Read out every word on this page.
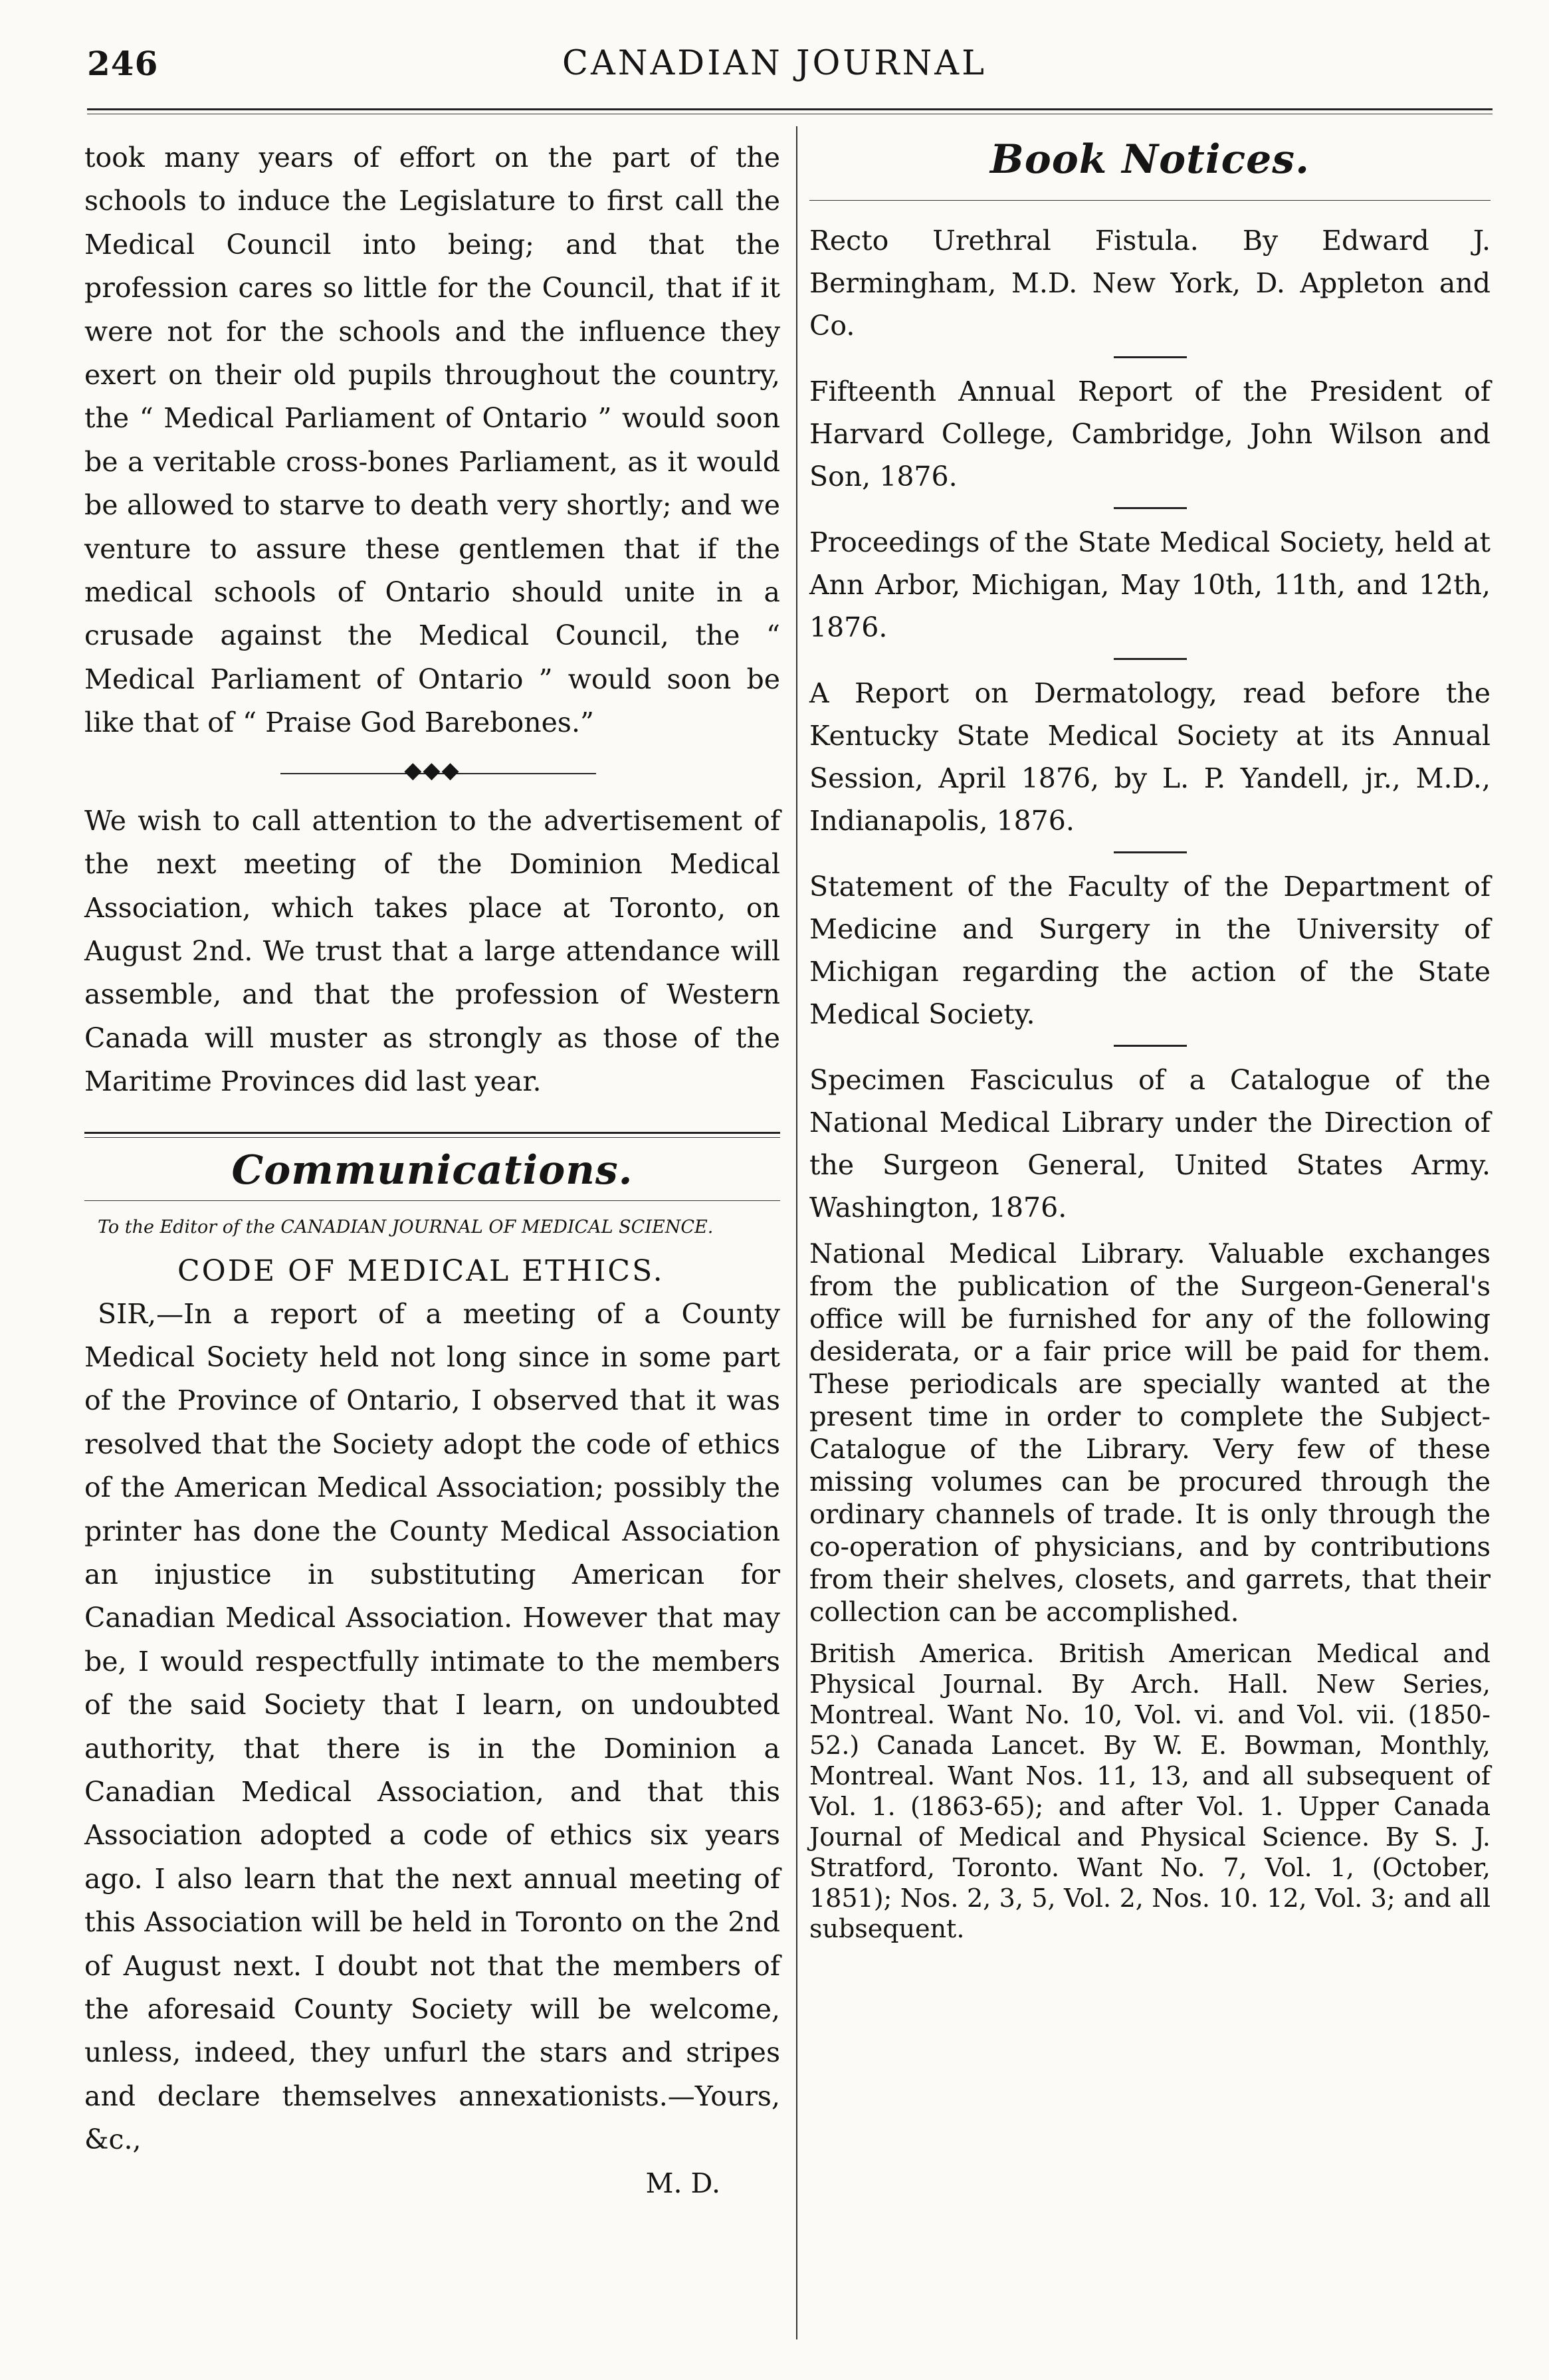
246	CANADIAN JOURNAL

took many years of effort on the part of the schools to induce the Legislature to first call the Medical Council into being; and that the profession cares so little for the Council, that if it were not for the schools and the influence they exert on their old pupils throughout the country, the “ Medical Parliament of Ontario ” would soon be a veritable cross-bones Parliament, as it would be allowed to starve to death very shortly; and we venture to assure these gentlemen that if the medical schools of Ontario should unite in a crusade against the Medical Council, the “ Medical Parliament of Ontario ” would soon be like that of “ Praise God Barebones.”

◆◆◆

We wish to call attention to the advertisement of the next meeting of the Dominion Medical Association, which takes place at Toronto, on August 2nd. We trust that a large attendance will assemble, and that the profession of Western Canada will muster as strongly as those of the Maritime Provinces did last year.

Communications.

To the Editor of the CANADIAN JOURNAL OF MEDICAL SCIENCE.

CODE OF MEDICAL ETHICS.

SIR,—In a report of a meeting of a County Medical Society held not long since in some part of the Province of Ontario, I observed that it was resolved that the Society adopt the code of ethics of the American Medical Association; possibly the printer has done the County Medical Association an injustice in substituting American for Canadian Medical Association. However that may be, I would respectfully intimate to the members of the said Society that I learn, on undoubted authority, that there is in the Dominion a Canadian Medical Association, and that this Association adopted a code of ethics six years ago. I also learn that the next annual meeting of this Association will be held in Toronto on the 2nd of August next. I doubt not that the members of the aforesaid County Society will be welcome, unless, indeed, they unfurl the stars and stripes and declare themselves annexationists.—Yours, &c.,

M. D.

Book Notices.

Recto Urethral Fistula. By Edward J. Bermingham, M.D. New York, D. Appleton and Co.

Fifteenth Annual Report of the President of Harvard College, Cambridge, John Wilson and Son, 1876.

Proceedings of the State Medical Society, held at Ann Arbor, Michigan, May 10th, 11th, and 12th, 1876.

A Report on Dermatology, read before the Kentucky State Medical Society at its Annual Session, April 1876, by L. P. Yandell, jr., M.D., Indianapolis, 1876.

Statement of the Faculty of the Department of Medicine and Surgery in the University of Michigan regarding the action of the State Medical Society.

Specimen Fasciculus of a Catalogue of the National Medical Library under the Direction of the Surgeon General, United States Army. Washington, 1876.

National Medical Library. Valuable exchanges from the publication of the Surgeon-General's office will be furnished for any of the following desiderata, or a fair price will be paid for them. These periodicals are specially wanted at the present time in order to complete the Subject-Catalogue of the Library. Very few of these missing volumes can be procured through the ordinary channels of trade. It is only through the co-operation of physicians, and by contributions from their shelves, closets, and garrets, that their collection can be accomplished.

British America. British American Medical and Physical Journal. By Arch. Hall. New Series, Montreal. Want No. 10, Vol. vi. and Vol. vii. (1850-52.) Canada Lancet. By W. E. Bowman, Monthly, Montreal. Want Nos. 11, 13, and all subsequent of Vol. 1. (1863-65); and after Vol. 1. Upper Canada Journal of Medical and Physical Science. By S. J. Stratford, Toronto. Want No. 7, Vol. 1, (October, 1851); Nos. 2, 3, 5, Vol. 2, Nos. 10. 12, Vol. 3; and all subsequent.
